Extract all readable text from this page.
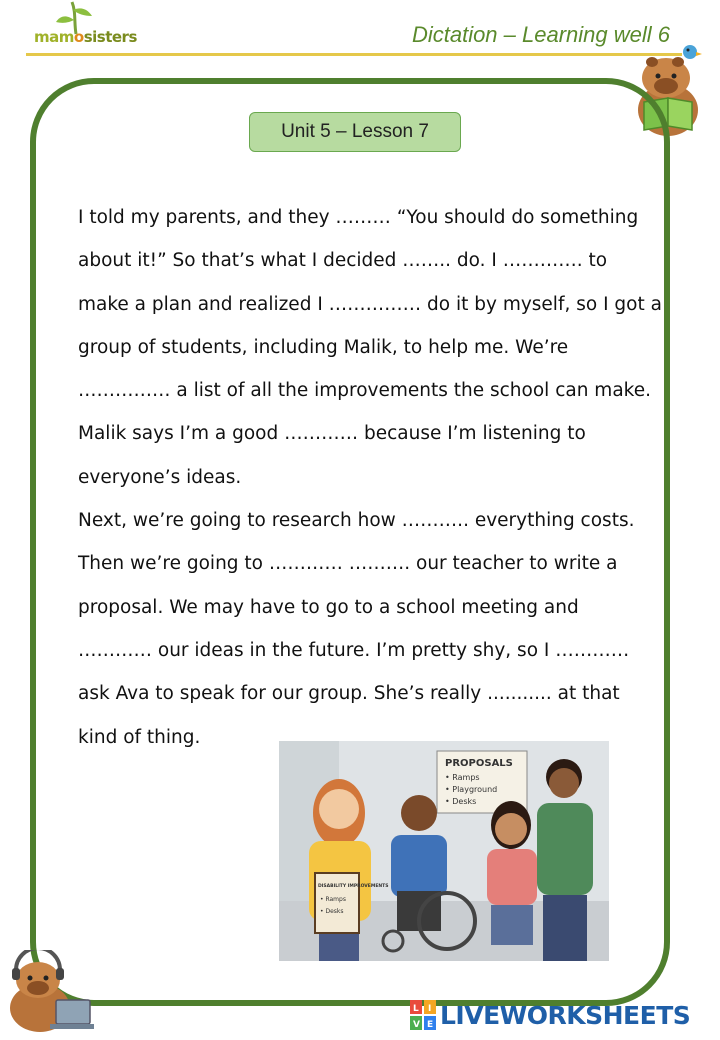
mamosisters	Dictation – Learning well 6
Unit 5 – Lesson 7
I told my parents, and they ……… “You should do something
about it!” So that’s what I decided …….. do. I …………. to
make a plan and realized I …………… do it by myself, so I got a
group of students, including Malik, to help me. We’re
…………… a list of all the improvements the school can make.
Malik says I’m a good ………… because I’m listening to
everyone’s ideas.
Next, we’re going to research how ……….. everything costs.
Then we’re going to ………… ………. our teacher to write a
proposal. We may have to go to a school meeting and
………… our ideas in the future. I’m pretty shy, so I …………
ask Ava to speak for our group. She’s really ........... at that
kind of thing.
PROPOSALS
• Ramps
• Playground
• Desks
DISABILITY IMPROVEMENTS
• Ramps
• Desks
L I
V E LIVEWORKSHEETS
